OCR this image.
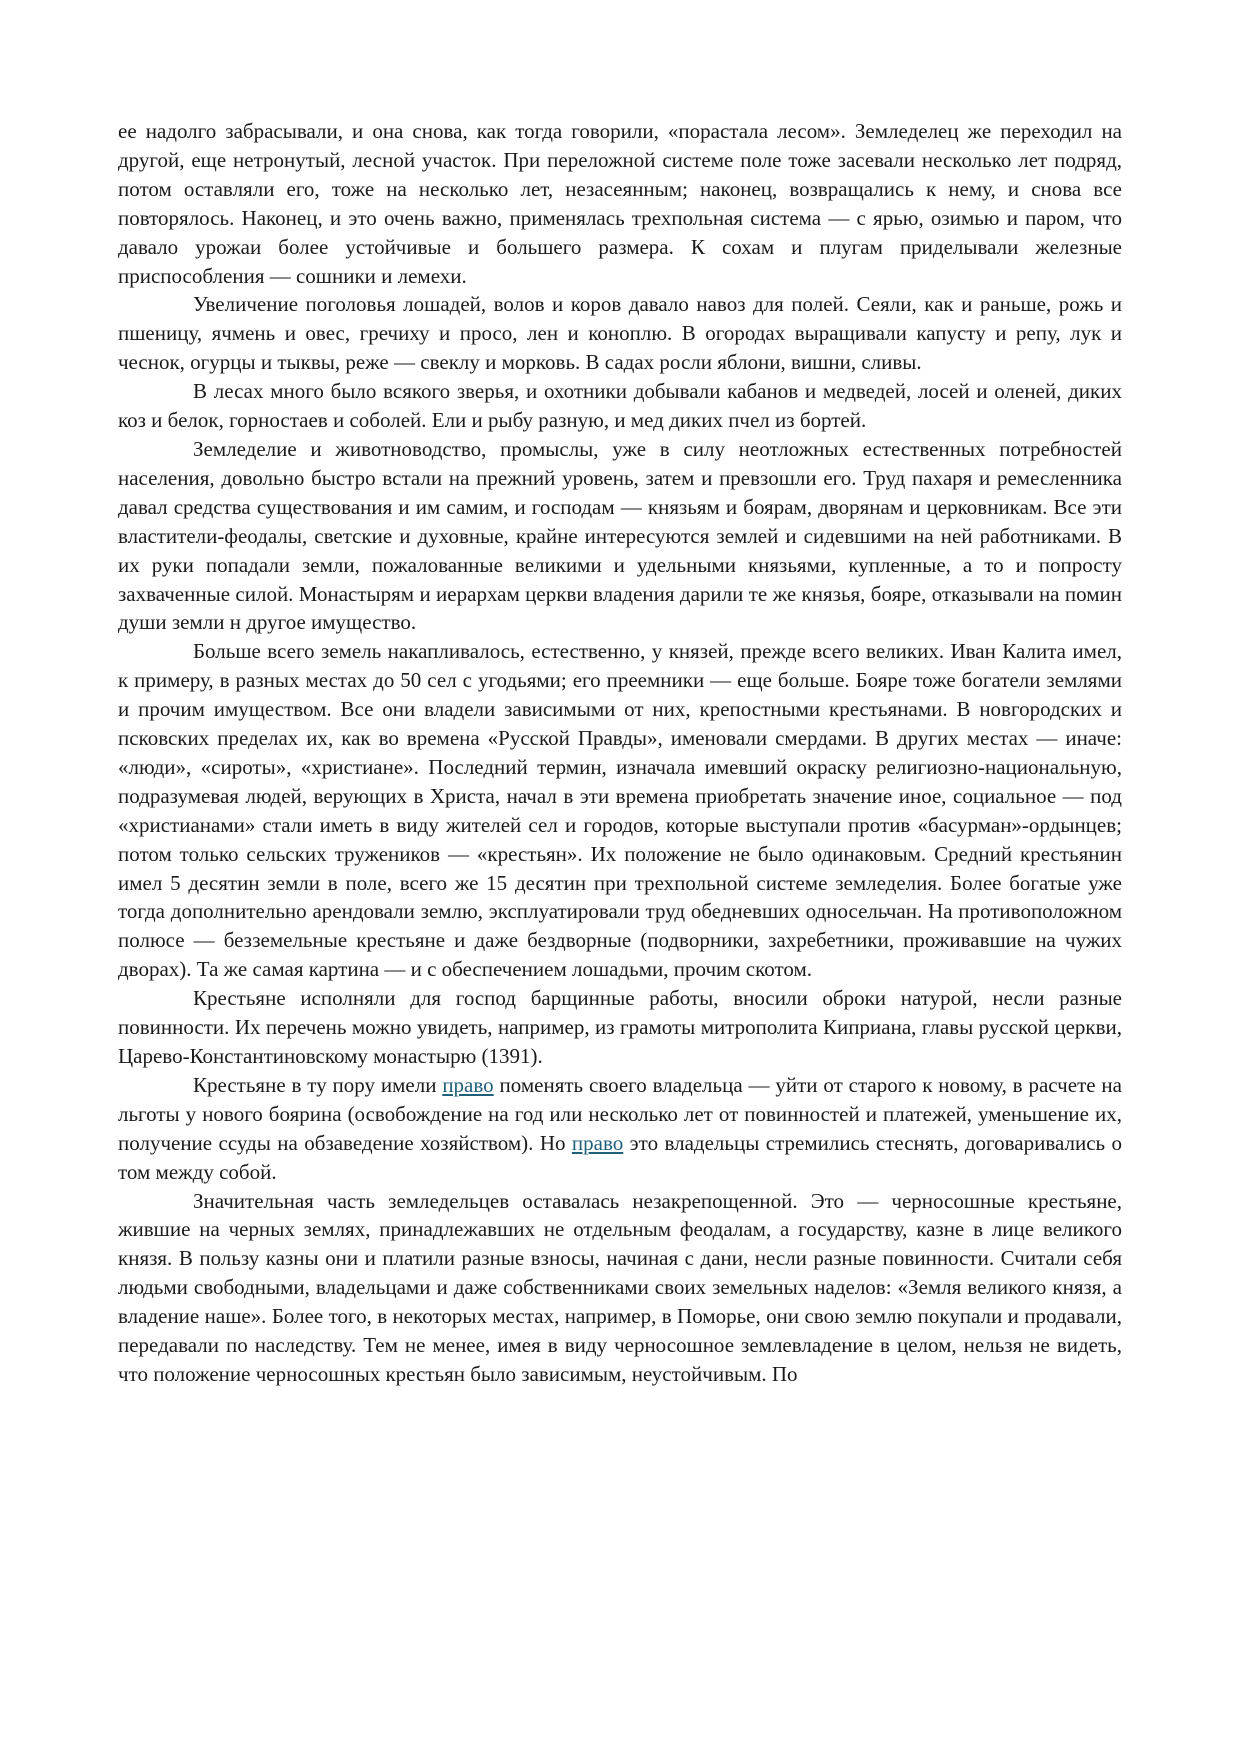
ее надолго забрасывали, и она снова, как тогда говорили, «порастала лесом». Земледелец же переходил на другой, еще нетронутый, лесной участок. При переложной системе поле тоже засевали несколько лет подряд, потом оставляли его, тоже на несколько лет, незасеянным; наконец, возвращались к нему, и снова все повторялось. Наконец, и это очень важно, применялась трехпольная система — с ярью, озимью и паром, что давало урожаи более устойчивые и большего размера. К сохам и плугам приделывали железные приспособления — сошники и лемехи.

Увеличение поголовья лошадей, волов и коров давало навоз для полей. Сеяли, как и раньше, рожь и пшеницу, ячмень и овес, гречиху и просо, лен и коноплю. В огородах выращивали капусту и репу, лук и чеснок, огурцы и тыквы, реже — свеклу и морковь. В садах росли яблони, вишни, сливы.

В лесах много было всякого зверья, и охотники добывали кабанов и медведей, лосей и оленей, диких коз и белок, горностаев и соболей. Ели и рыбу разную, и мед диких пчел из бортей.

Земледелие и животноводство, промыслы, уже в силу неотложных естественных потребностей населения, довольно быстро встали на прежний уровень, затем и превзошли его. Труд пахаря и ремесленника давал средства существования и им самим, и господам — князьям и боярам, дворянам и церковникам. Все эти властители-феодалы, светские и духовные, крайне интересуются землей и сидевшими на ней работниками. В их руки попадали земли, пожалованные великими и удельными князьями, купленные, а то и попросту захваченные силой. Монастырям и иерархам церкви владения дарили те же князья, бояре, отказывали на помин души земли н другое имущество.

Больше всего земель накапливалось, естественно, у князей, прежде всего великих. Иван Калита имел, к примеру, в разных местах до 50 сел с угодьями; его преемники — еще больше. Бояре тоже богатели землями и прочим имуществом. Все они владели зависимыми от них, крепостными крестьянами. В новгородских и псковских пределах их, как во времена «Русской Правды», именовали смердами. В других местах — иначе: «люди», «сироты», «христиане». Последний термин, изначала имевший окраску религиозно-национальную, подразумевая людей, верующих в Христа, начал в эти времена приобретать значение иное, социальное — под «христианами» стали иметь в виду жителей сел и городов, которые выступали против «басурман»-ордынцев; потом только сельских тружеников — «крестьян». Их положение не было одинаковым. Средний крестьянин имел 5 десятин земли в поле, всего же 15 десятин при трехпольной системе земледелия. Более богатые уже тогда дополнительно арендовали землю, эксплуатировали труд обедневших односельчан. На противоположном полюсе — безземельные крестьяне и даже бездворные (подворники, захребетники, проживавшие на чужих дворах). Та же самая картина — и с обеспечением лошадьми, прочим скотом.

Крестьяне исполняли для господ барщинные работы, вносили оброки натурой, несли разные повинности. Их перечень можно увидеть, например, из грамоты митрополита Киприана, главы русской церкви, Царево-Константиновскому монастырю (1391).

Крестьяне в ту пору имели право поменять своего владельца — уйти от старого к новому, в расчете на льготы у нового боярина (освобождение на год или несколько лет от повинностей и платежей, уменьшение их, получение ссуды на обзаведение хозяйством). Но право это владельцы стремились стеснять, договаривались о том между собой.

Значительная часть земледельцев оставалась незакрепощенной. Это — черносошные крестьяне, жившие на черных землях, принадлежавших не отдельным феодалам, а государству, казне в лице великого князя. В пользу казны они и платили разные взносы, начиная с дани, несли разные повинности. Считали себя людьми свободными, владельцами и даже собственниками своих земельных наделов: «Земля великого князя, а владение наше». Более того, в некоторых местах, например, в Поморье, они свою землю покупали и продавали, передавали по наследству. Тем не менее, имея в виду черносошное землевладение в целом, нельзя не видеть, что положение черносошных крестьян было зависимым, неустойчивым. По
